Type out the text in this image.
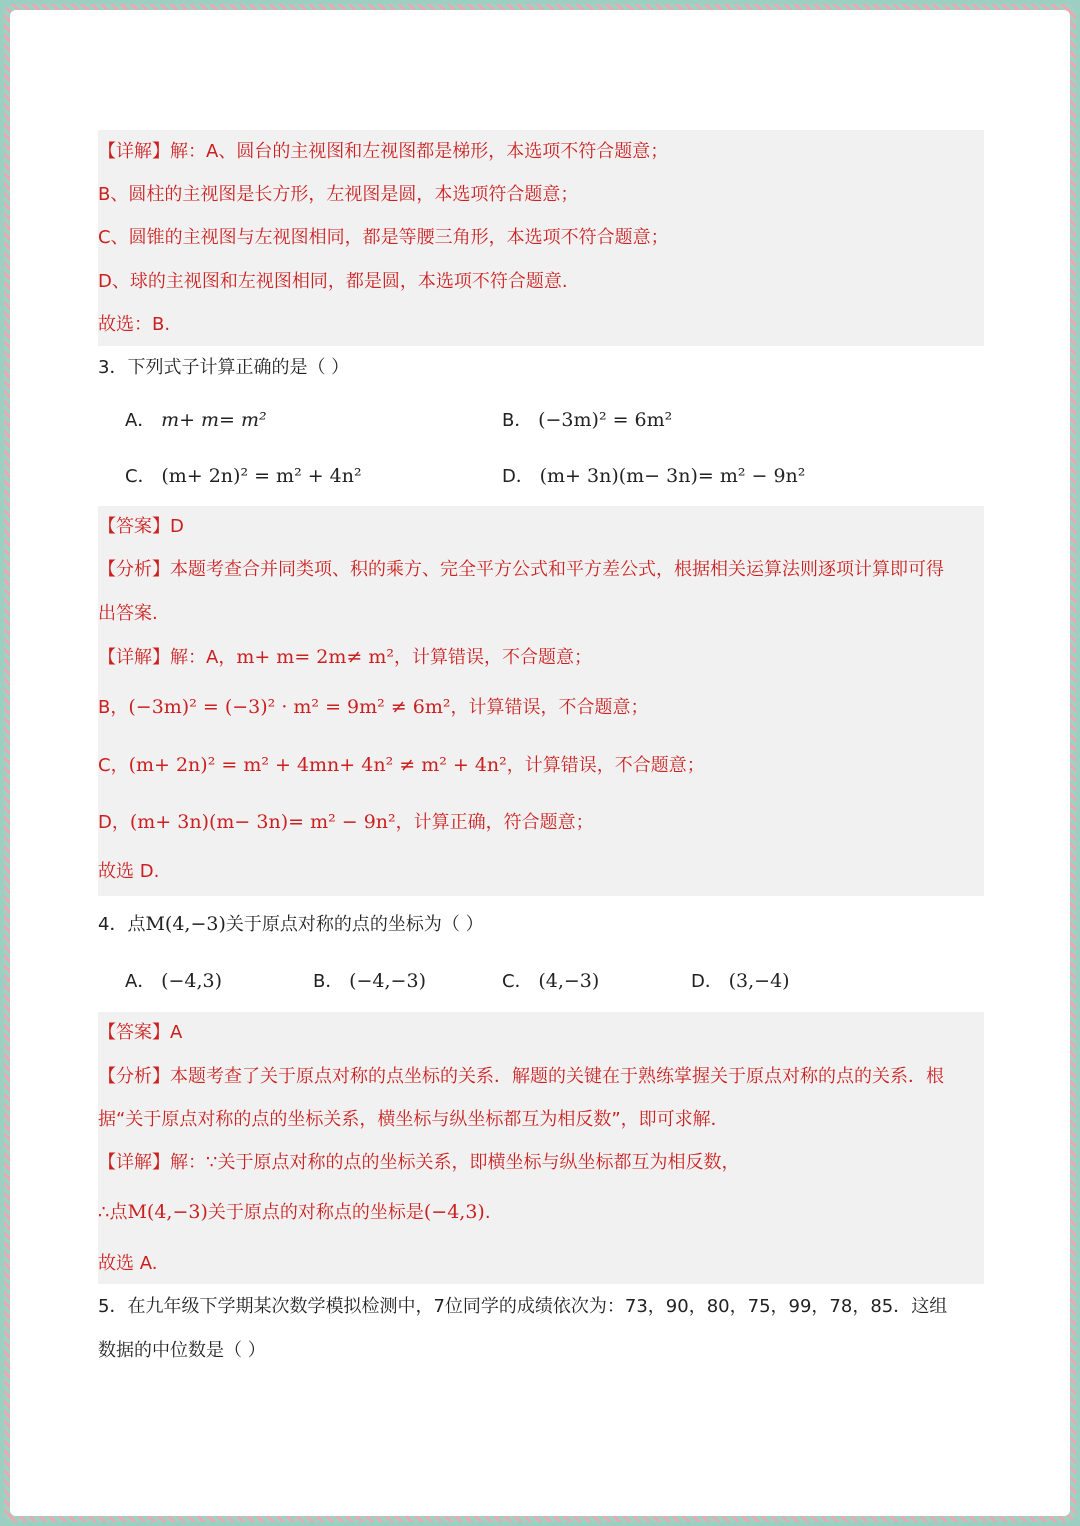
【详解】解：A、圆台的主视图和左视图都是梯形，本选项不符合题意；
B、圆柱的主视图是长方形，左视图是圆，本选项符合题意；
C、圆锥的主视图与左视图相同，都是等腰三角形，本选项不符合题意；
D、球的主视图和左视图相同，都是圆，本选项不符合题意.
故选：B.
3．下列式子计算正确的是（ ）
A． m+ m= m²	B． (−3m)² = 6m²
C． (m+ 2n)² = m² + 4n²	D． (m+ 3n)(m− 3n)= m² − 9n²
【答案】D
【分析】本题考查合并同类项、积的乘方、完全平方公式和平方差公式，根据相关运算法则逐项计算即可得
出答案.
【详解】解：A，m+ m= 2m≠ m²，计算错误，不合题意；
B，(−3m)² = (−3)² · m² = 9m² ≠ 6m²，计算错误，不合题意；
C，(m+ 2n)² = m² + 4mn+ 4n² ≠ m² + 4n²，计算错误，不合题意；
D，(m+ 3n)(m− 3n)= m² − 9n²，计算正确，符合题意；
故选 D.
4．点M(4,−3)关于原点对称的点的坐标为（ ）
A． (−4,3)	B． (−4,−3)	C． (4,−3)	D． (3,−4)
【答案】A
【分析】本题考查了关于原点对称的点坐标的关系．解题的关键在于熟练掌握关于原点对称的点的关系．根
据“关于原点对称的点的坐标关系，横坐标与纵坐标都互为相反数”，即可求解．
【详解】解：∵关于原点对称的点的坐标关系，即横坐标与纵坐标都互为相反数，
∴点M(4,−3)关于原点的对称点的坐标是(−4,3).
故选 A.
5．在九年级下学期某次数学模拟检测中，7位同学的成绩依次为：73，90，80，75，99，78，85．这组
数据的中位数是（ ）
